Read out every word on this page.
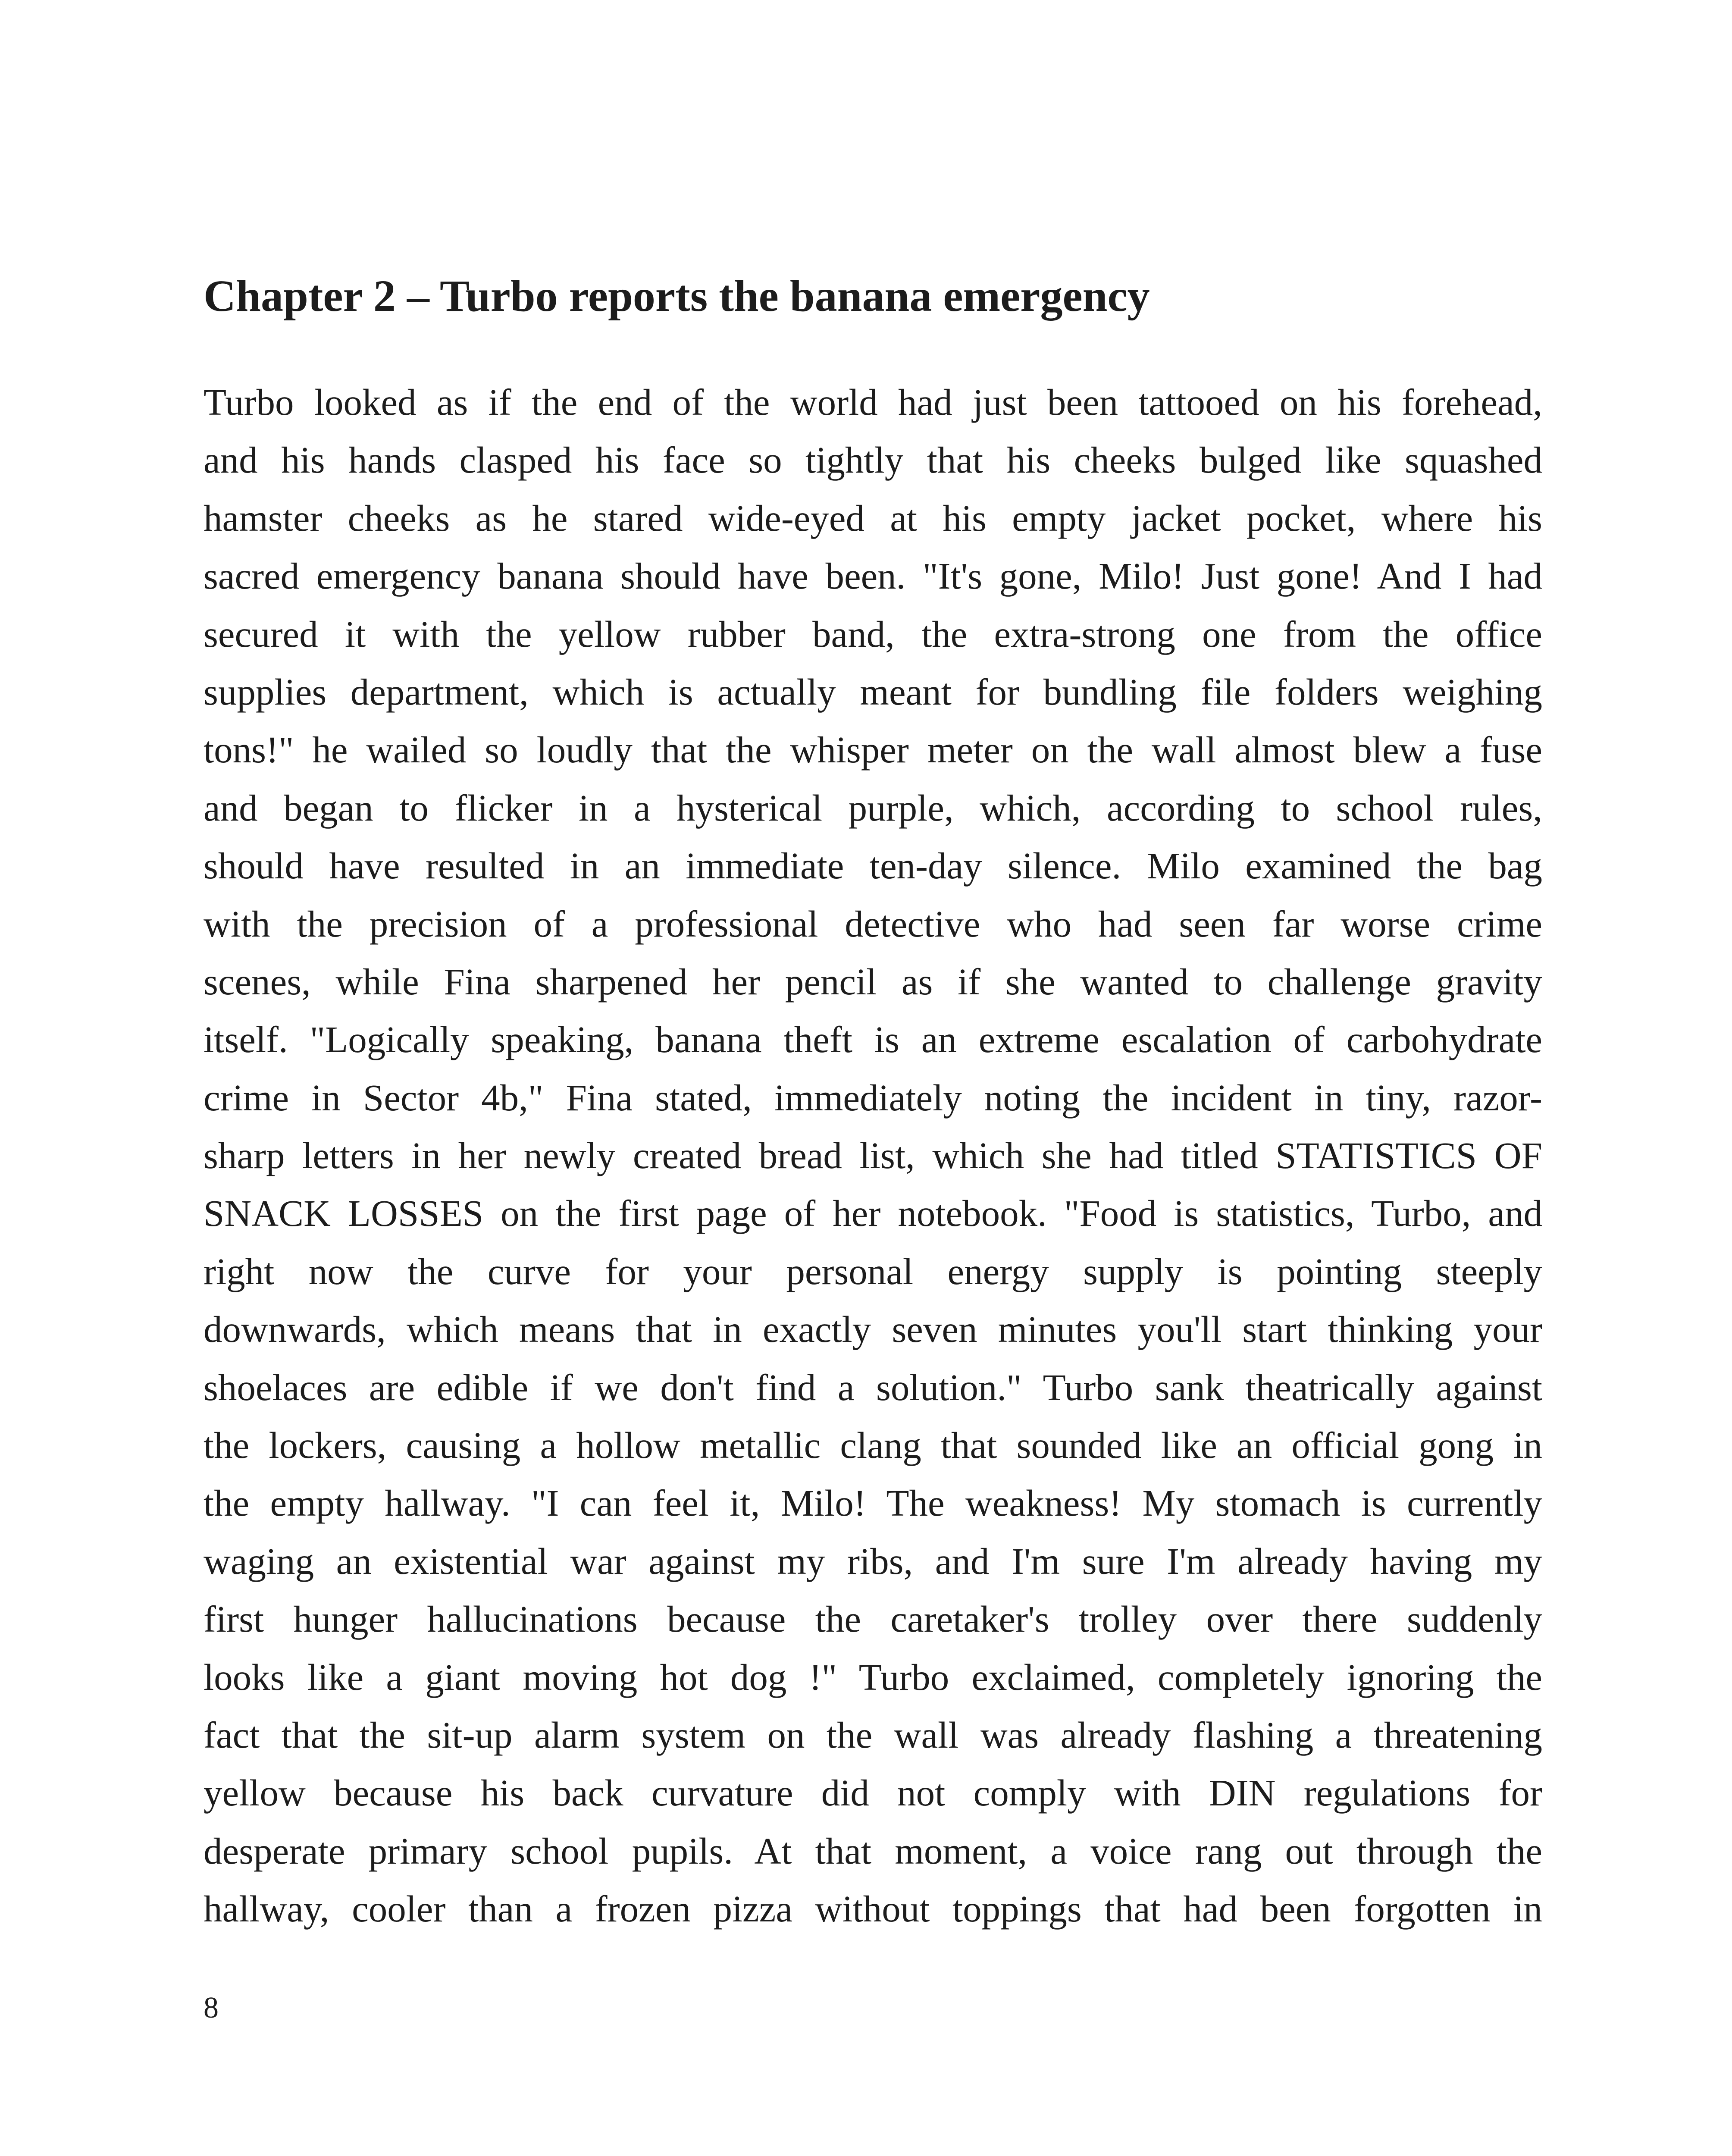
Chapter 2 – Turbo reports the banana emergency
Turbo looked as if the end of the world had just been tattooed on his forehead,
and his hands clasped his face so tightly that his cheeks bulged like squashed
hamster cheeks as he stared wide-eyed at his empty jacket pocket, where his
sacred emergency banana should have been. "It's gone, Milo! Just gone! And I had
secured it with the yellow rubber band, the extra-strong one from the office
supplies department, which is actually meant for bundling file folders weighing
tons!" he wailed so loudly that the whisper meter on the wall almost blew a fuse
and began to flicker in a hysterical purple, which, according to school rules,
should have resulted in an immediate ten-day silence. Milo examined the bag
with the precision of a professional detective who had seen far worse crime
scenes, while Fina sharpened her pencil as if she wanted to challenge gravity
itself. "Logically speaking, banana theft is an extreme escalation of carbohydrate
crime in Sector 4b," Fina stated, immediately noting the incident in tiny, razor-
sharp letters in her newly created bread list, which she had titled STATISTICS OF
SNACK LOSSES on the first page of her notebook. "Food is statistics, Turbo, and
right now the curve for your personal energy supply is pointing steeply
downwards, which means that in exactly seven minutes you'll start thinking your
shoelaces are edible if we don't find a solution." Turbo sank theatrically against
the lockers, causing a hollow metallic clang that sounded like an official gong in
the empty hallway. "I can feel it, Milo! The weakness! My stomach is currently
waging an existential war against my ribs, and I'm sure I'm already having my
first hunger hallucinations because the caretaker's trolley over there suddenly
looks like a giant moving hot dog !" Turbo exclaimed, completely ignoring the
fact that the sit-up alarm system on the wall was already flashing a threatening
yellow because his back curvature did not comply with DIN regulations for
desperate primary school pupils. At that moment, a voice rang out through the
hallway, cooler than a frozen pizza without toppings that had been forgotten in
8
